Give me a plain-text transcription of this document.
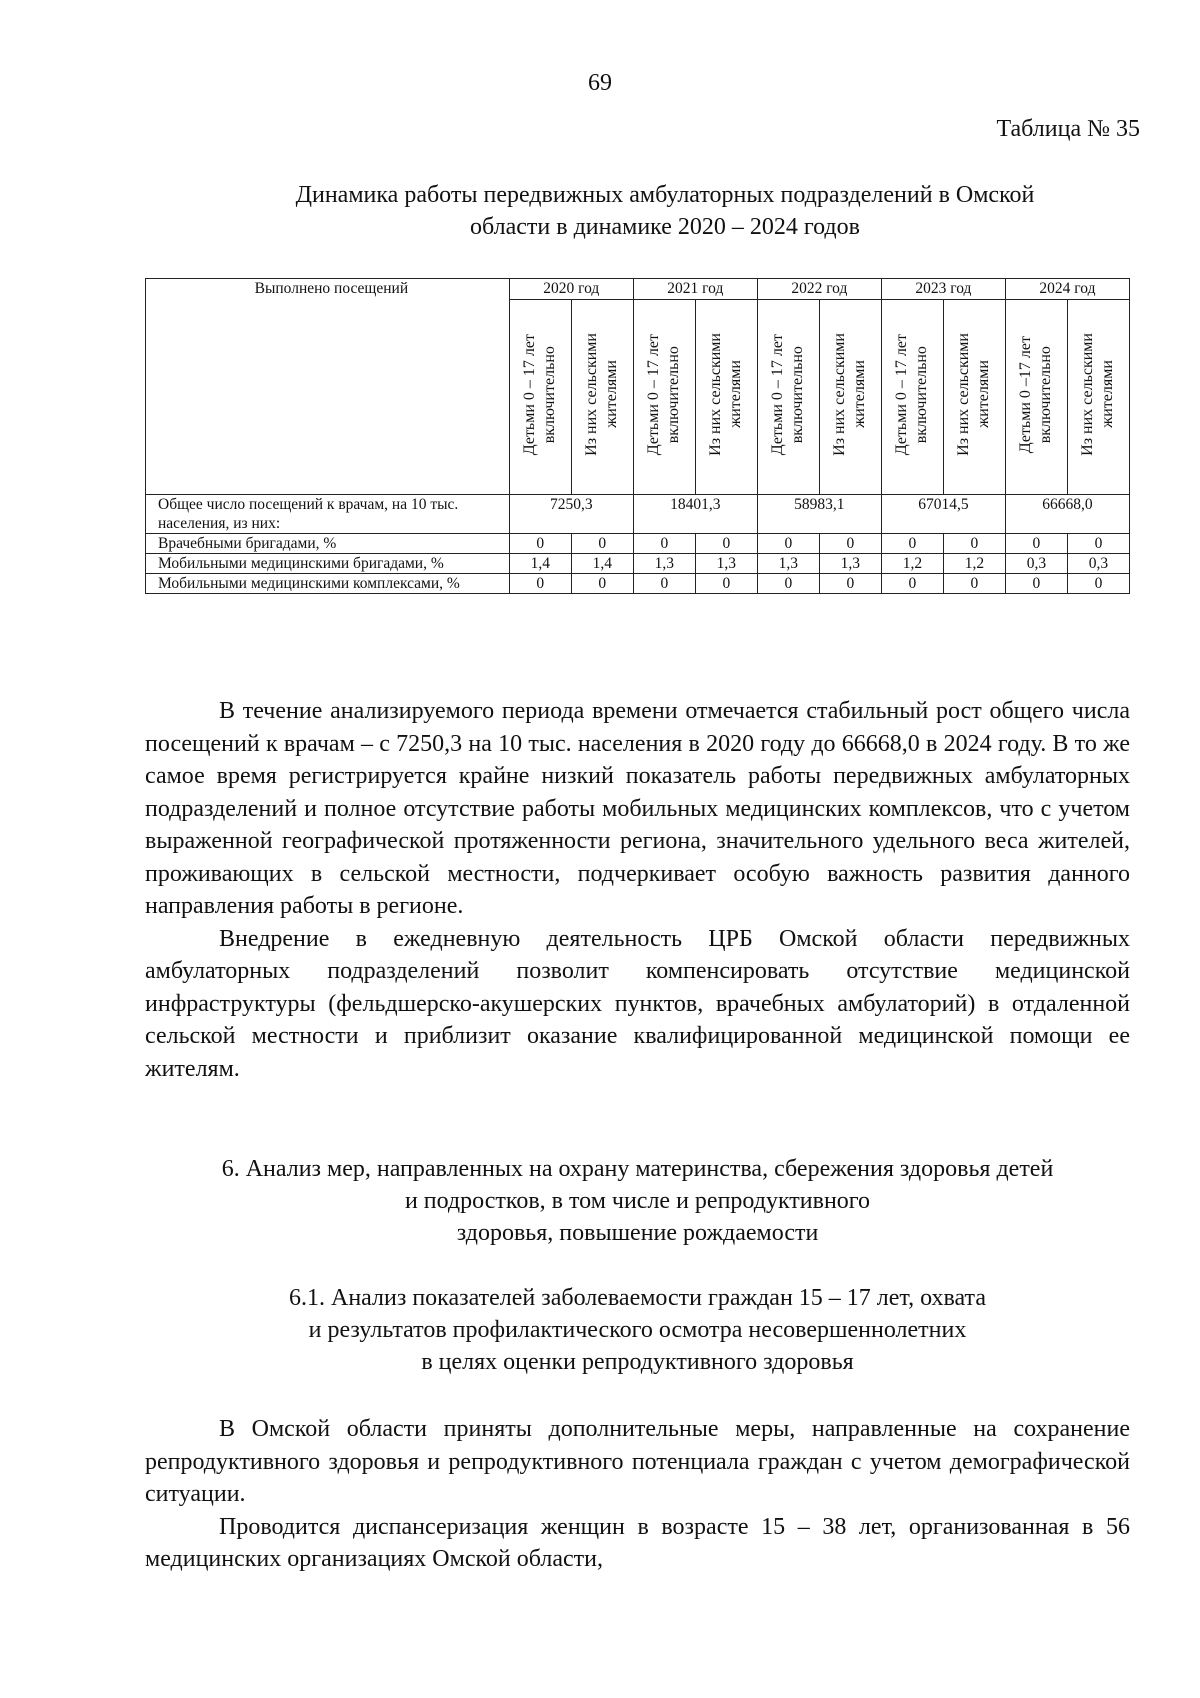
69
Таблица № 35
Динамика работы передвижных амбулаторных подразделений в Омской
области в динамике 2020 – 2024 годов
Выполнено посещений	2020 год		2021 год		2022 год		2023 год		2024 год	
	Детьми 0 – 17 лет
включительно	Из них сельскими
жителями	Детьми 0 – 17 лет
включительно	Из них сельскими
жителями	Детьми 0 – 17 лет
включительно	Из них сельскими
жителями	Детьми 0 – 17 лет
включительно	Из них сельскими
жителями	Детьми 0 –17 лет
включительно	Из них сельскими
жителями
Общее число посещений к врачам, на 10 тыс. населения, из них:	7250,3		18401,3		58983,1		67014,5		66668,0	
Врачебными бригадами, %	0	0	0	0	0	0	0	0	0	0
Мобильными медицинскими бригадами, %	1,4	1,4	1,3	1,3	1,3	1,3	1,2	1,2	0,3	0,3
Мобильными медицинскими комплексами, %	0	0	0	0	0	0	0	0	0	0

В течение анализируемого периода времени отмечается стабильный рост общего числа посещений к врачам – с 7250,3 на 10 тыс. населения в 2020 году до 66668,0 в 2024 году. В то же самое время регистрируется крайне низкий показатель работы передвижных амбулаторных подразделений и полное отсутствие работы мобильных медицинских комплексов, что с учетом выраженной географической протяженности региона, значительного удельного веса жителей, проживающих в сельской местности, подчеркивает особую важность развития данного направления работы в регионе.

Внедрение в ежедневную деятельность ЦРБ Омской области передвижных амбулаторных подразделений позволит компенсировать отсутствие медицинской инфраструктуры (фельдшерско-акушерских пунктов, врачебных амбулаторий) в отдаленной сельской местности и приблизит оказание квалифицированной медицинской помощи ее жителям.

6. Анализ мер, направленных на охрану материнства, сбережения здоровья детей
и подростков, в том числе и репродуктивного
здоровья, повышение рождаемости
6.1. Анализ показателей заболеваемости граждан 15 – 17 лет, охвата
и результатов профилактического осмотра несовершеннолетних
в целях оценки репродуктивного здоровья

В Омской области приняты дополнительные меры, направленные на сохранение репродуктивного здоровья и репродуктивного потенциала граждан с учетом демографической ситуации.

Проводится диспансеризация женщин в возрасте 15 – 38 лет, организованная в 56 медицинских организациях Омской области,
